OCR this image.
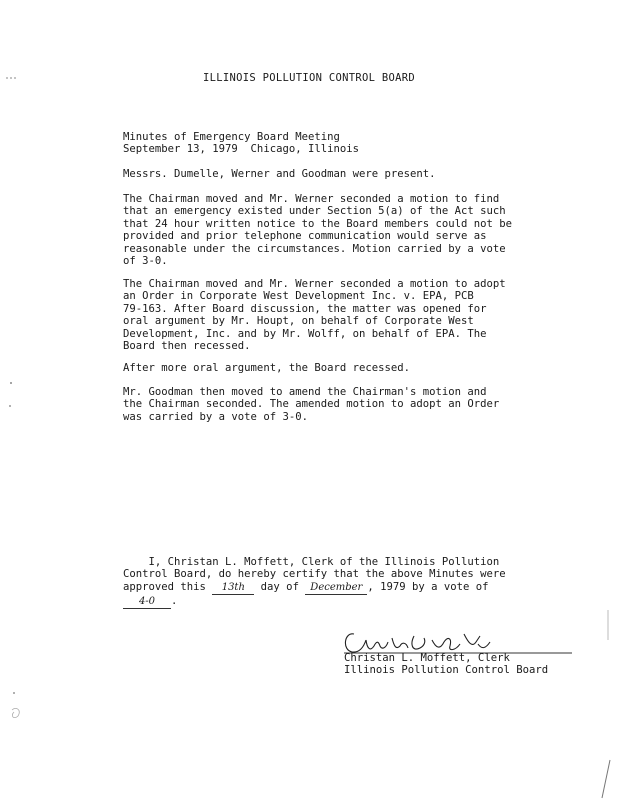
ILLINOIS POLLUTION CONTROL BOARD
Minutes of Emergency Board Meeting
September 13, 1979  Chicago, Illinois
Messrs. Dumelle, Werner and Goodman were present.
The Chairman moved and Mr. Werner seconded a motion to find
that an emergency existed under Section 5(a) of the Act such
that 24 hour written notice to the Board members could not be
provided and prior telephone communication would serve as
reasonable under the circumstances. Motion carried by a vote
of 3-0.
The Chairman moved and Mr. Werner seconded a motion to adopt
an Order in Corporate West Development Inc. v. EPA, PCB
79-163. After Board discussion, the matter was opened for
oral argument by Mr. Houpt, on behalf of Corporate West
Development, Inc. and by Mr. Wolff, on behalf of EPA. The
Board then recessed.
After more oral argument, the Board recessed.
Mr. Goodman then moved to amend the Chairman's motion and
the Chairman seconded. The amended motion to adopt an Order
was carried by a vote of 3-0.
I, Christan L. Moffett, Clerk of the Illinois Pollution
Control Board, do hereby certify that the above Minutes were
approved this 13th day of December , 1979 by a vote of
4-0 .
Christan L. Moffett, Clerk
Illinois Pollution Control Board
